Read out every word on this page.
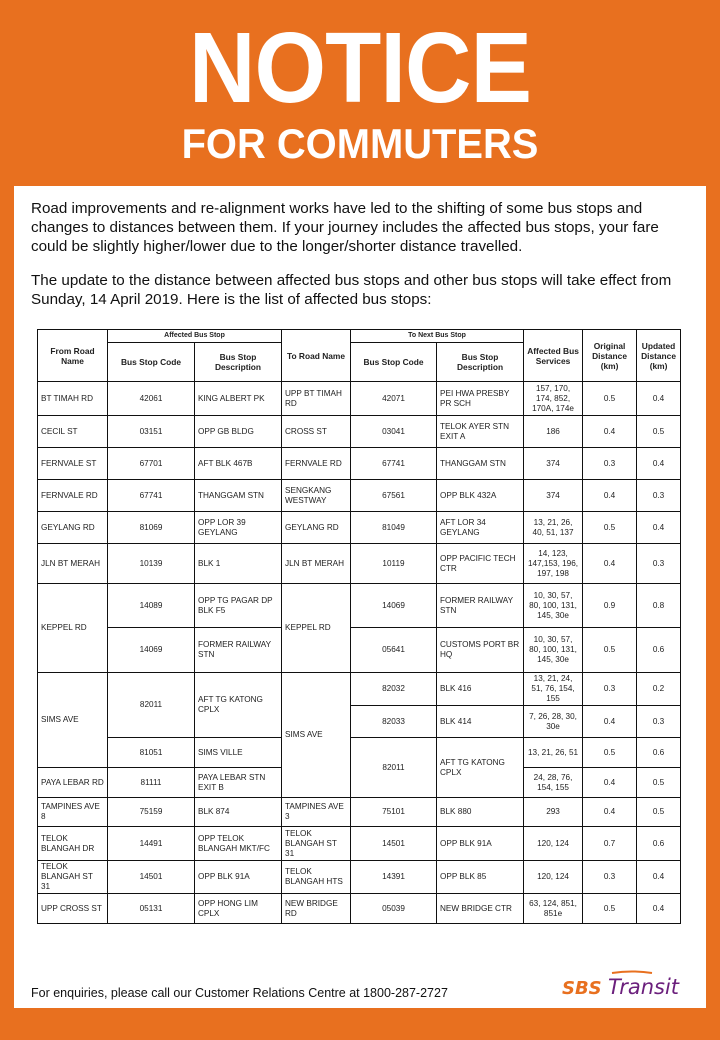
NOTICE
FOR COMMUTERS
Road improvements and re-alignment works have led to the shifting of some bus stops and changes to distances between them. If your journey includes the affected bus stops, your fare could be slightly higher/lower due to the longer/shorter distance travelled.
The update to the distance between affected bus stops and other bus stops will take effect from Sunday, 14 April 2019. Here is the list of affected bus stops:
From Road Name	Affected Bus Stop		To Road Name	To Next Bus Stop		Affected Bus Services	Original Distance (km)	Updated Distance (km)
	Bus Stop Code	Bus Stop Description		Bus Stop Code	Bus Stop Description			
BT TIMAH RD	42061	KING ALBERT PK	UPP BT TIMAH RD	42071	PEI HWA PRESBY PR SCH	157, 170, 174, 852, 170A, 174e	0.5	0.4
CECIL ST	03151	OPP GB BLDG	CROSS ST	03041	TELOK AYER STN EXIT A	186	0.4	0.5
FERNVALE ST	67701	AFT BLK 467B	FERNVALE RD	67741	THANGGAM STN	374	0.3	0.4
FERNVALE RD	67741	THANGGAM STN	SENGKANG WESTWAY	67561	OPP BLK 432A	374	0.4	0.3
GEYLANG RD	81069	OPP LOR 39 GEYLANG	GEYLANG RD	81049	AFT LOR 34 GEYLANG	13, 21, 26, 40, 51, 137	0.5	0.4
JLN BT MERAH	10139	BLK 1	JLN BT MERAH	10119	OPP PACIFIC TECH CTR	14, 123, 147,153, 196, 197, 198	0.4	0.3
KEPPEL RD	14089	OPP TG PAGAR DP BLK F5	KEPPEL RD	14069	FORMER RAILWAY STN	10, 30, 57, 80, 100, 131, 145, 30e	0.9	0.8
	14069	FORMER RAILWAY STN		05641	CUSTOMS PORT BR HQ	10, 30, 57, 80, 100, 131, 145, 30e	0.5	0.6
SIMS AVE	82011	AFT TG KATONG CPLX	SIMS AVE	82032	BLK 416	13, 21, 24, 51, 76, 154, 155	0.3	0.2
				82033	BLK 414	7, 26, 28, 30, 30e	0.4	0.3
	81051	SIMS VILLE		82011	AFT TG KATONG CPLX	13, 21, 26, 51	0.5	0.6
PAYA LEBAR RD	81111	PAYA LEBAR STN EXIT B				24, 28, 76, 154, 155	0.4	0.5
TAMPINES AVE 8	75159	BLK 874	TAMPINES AVE 3	75101	BLK 880	293	0.4	0.5
TELOK BLANGAH DR	14491	OPP TELOK BLANGAH MKT/FC	TELOK BLANGAH ST 31	14501	OPP BLK 91A	120, 124	0.7	0.6
TELOK BLANGAH ST 31	14501	OPP BLK 91A	TELOK BLANGAH HTS	14391	OPP BLK 85	120, 124	0.3	0.4
UPP CROSS ST	05131	OPP HONG LIM CPLX	NEW BRIDGE RD	05039	NEW BRIDGE CTR	63, 124, 851, 851e	0.5	0.4
For enquiries, please call our Customer Relations Centre at 1800-287-2727	SBS Transit
